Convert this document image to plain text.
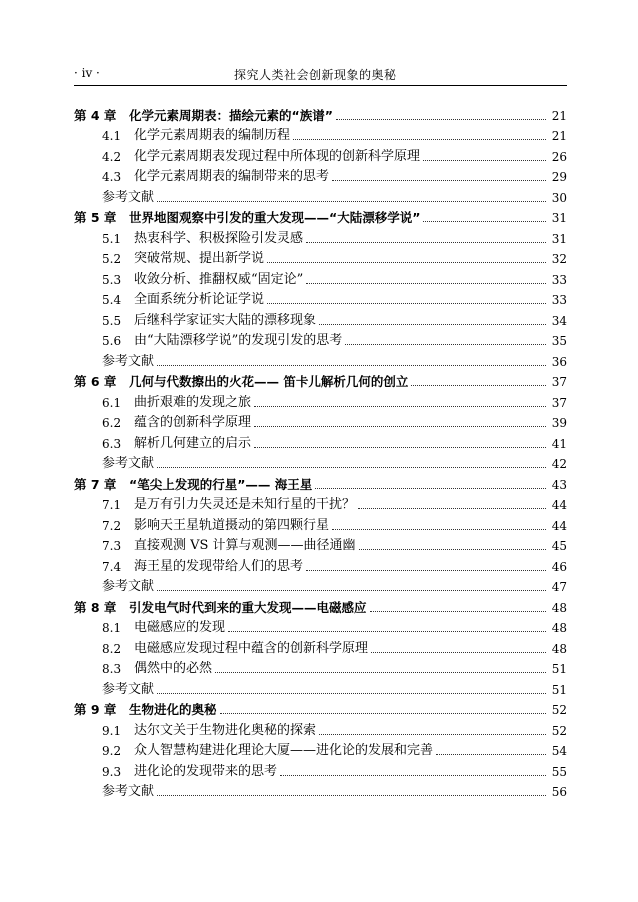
· iv ·	探究人类社会创新现象的奥秘
第 4 章	化学元素周期表：描绘元素的“族谱”	21
4.1 化学元素周期表的编制历程	21
4.2 化学元素周期表发现过程中所体现的创新科学原理	26
4.3 化学元素周期表的编制带来的思考	29
参考文献	30
第 5 章	世界地图观察中引发的重大发现——“大陆漂移学说”	31
5.1 热衷科学、积极探险引发灵感	31
5.2 突破常规、提出新学说	32
5.3 收敛分析、推翻权威“固定论”	33
5.4 全面系统分析论证学说	33
5.5 后继科学家证实大陆的漂移现象	34
5.6 由“大陆漂移学说”的发现引发的思考	35
参考文献	36
第 6 章	几何与代数擦出的火花—— 笛卡儿解析几何的创立	37
6.1 曲折艰难的发现之旅	37
6.2 蕴含的创新科学原理	39
6.3 解析几何建立的启示	41
参考文献	42
第 7 章	“笔尖上发现的行星”—— 海王星	43
7.1 是万有引力失灵还是未知行星的干扰？	44
7.2 影响天王星轨道摄动的第四颗行星	44
7.3 直接观测 VS 计算与观测——曲径通幽	45
7.4 海王星的发现带给人们的思考	46
参考文献	47
第 8 章	引发电气时代到来的重大发现——电磁感应	48
8.1 电磁感应的发现	48
8.2 电磁感应发现过程中蕴含的创新科学原理	48
8.3 偶然中的必然	51
参考文献	51
第 9 章	生物进化的奥秘	52
9.1 达尔文关于生物进化奥秘的探索	52
9.2 众人智慧构建进化理论大厦——进化论的发展和完善	54
9.3 进化论的发现带来的思考	55
参考文献	56
